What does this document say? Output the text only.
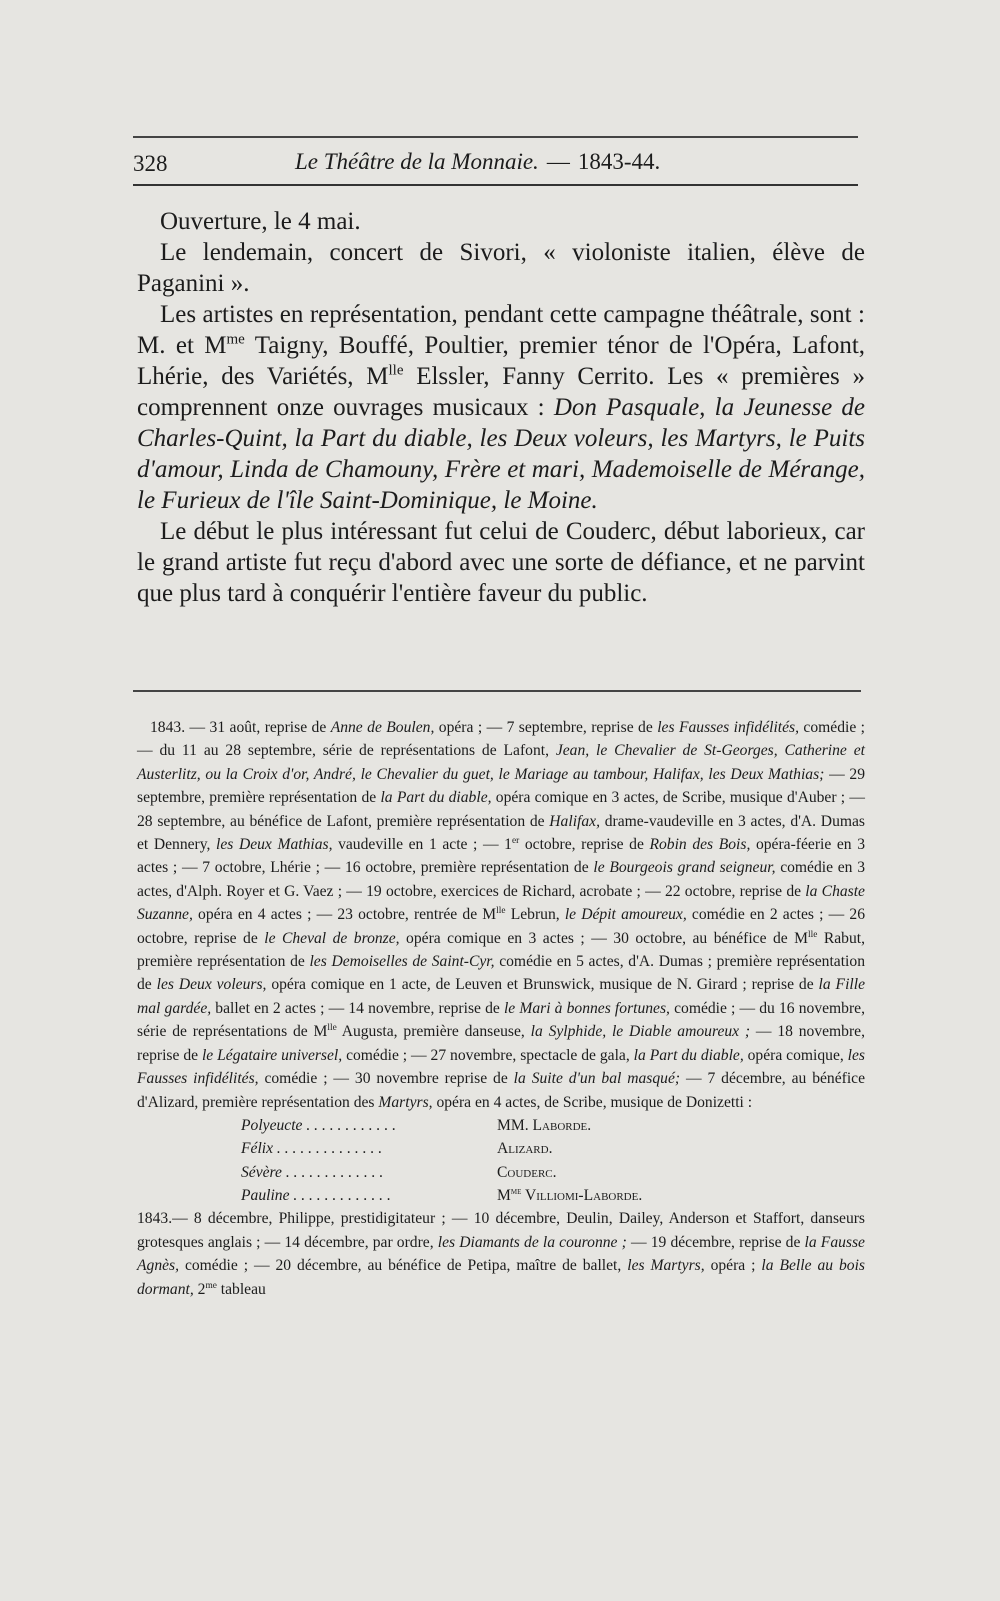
328	Le Théâtre de la Monnaie. — 1843-44.

Ouverture, le 4 mai.

Le lendemain, concert de Sivori, « violoniste italien, élève de Paganini ».

Les artistes en représentation, pendant cette campagne théâtrale, sont : M. et $M^{me}$ Taigny, Bouffé, Poultier, premier ténor de l'Opéra, Lafont, Lhérie, des Variétés, $M^{lle}$ Elssler, Fanny Cerrito. Les « premières » comprennent onze ouvrages musicaux : Don Pasquale, la Jeunesse de Charles-Quint, la Part du diable, les Deux voleurs, les Martyrs, le Puits d'amour, Linda de Chamouny, Frère et mari, Mademoiselle de Mérange, le Furieux de l'île Saint-Dominique, le Moine.

Le début le plus intéressant fut celui de Couderc, début laborieux, car le grand artiste fut reçu d'abord avec une sorte de défiance, et ne parvint que plus tard à conquérir l'entière faveur du public.

1843. — 31 août, reprise de Anne de Boulen, opéra ; — 7 septembre, reprise de les Fausses infidélités, comédie ; — du 11 au 28 septembre, série de représentations de Lafont, Jean, le Chevalier de St-Georges, Catherine et Austerlitz, ou la Croix d'or, André, le Chevalier du guet, le Mariage au tambour, Halifax, les Deux Mathias; — 29 septembre, première représentation de la Part du diable, opéra comique en 3 actes, de Scribe, musique d'Auber ; — 28 septembre, au bénéfice de Lafont, première représentation de Halifax, drame-vaudeville en 3 actes, d'A. Dumas et Dennery, les Deux Mathias, vaudeville en 1 acte ; — 1er octobre, reprise de Robin des Bois, opéra-féerie en 3 actes ; — 7 octobre, Lhérie ; — 16 octobre, première représentation de le Bourgeois grand seigneur, comédie en 3 actes, d'Alph. Royer et G. Vaez ; — 19 octobre, exercices de Richard, acrobate ; — 22 octobre, reprise de la Chaste Suzanne, opéra en 4 actes ; — 23 octobre, rentrée de $M^{lle}$ Lebrun, le Dépit amoureux, comédie en 2 actes ; — 26 octobre, reprise de le Cheval de bronze, opéra comique en 3 actes ; — 30 octobre, au bénéfice de $M^{lle}$ Rabut, première représentation de les Demoiselles de Saint-Cyr, comédie en 5 actes, d'A. Dumas ; première représentation de les Deux voleurs, opéra comique en 1 acte, de Leuven et Brunswick, musique de N. Girard ; reprise de la Fille mal gardée, ballet en 2 actes ; — 14 novembre, reprise de le Mari à bonnes fortunes, comédie ; — du 16 novembre, série de représentations de $M^{lle}$ Augusta, première danseuse, la Sylphide, le Diable amoureux ; — 18 novembre, reprise de le Légataire universel, comédie ; — 27 novembre, spectacle de gala, la Part du diable, opéra comique, les Fausses infidélités, comédie ; — 30 novembre reprise de la Suite d'un bal masqué; — 7 décembre, au bénéfice d'Alizard, première représentation des Martyrs, opéra en 4 actes, de Scribe, musique de Donizetti :

Polyeucte . . . . . . . . . . . .	MM. Laborde.
Félix . . . . . . . . . . . . . .	Alizard.
Sévère . . . . . . . . . . . . .	Couderc.
Pauline . . . . . . . . . . . . .	$M^{me}$ Villiomi-Laborde.

1843.— 8 décembre, Philippe, prestidigitateur ; — 10 décembre, Deulin, Dailey, Anderson et Staffort, danseurs grotesques anglais ; — 14 décembre, par ordre, les Diamants de la couronne ; — 19 décembre, reprise de la Fausse Agnès, comédie ; — 20 décembre, au bénéfice de Petipa, maître de ballet, les Martyrs, opéra ; la Belle au bois dormant, $2^{me}$ tableau
